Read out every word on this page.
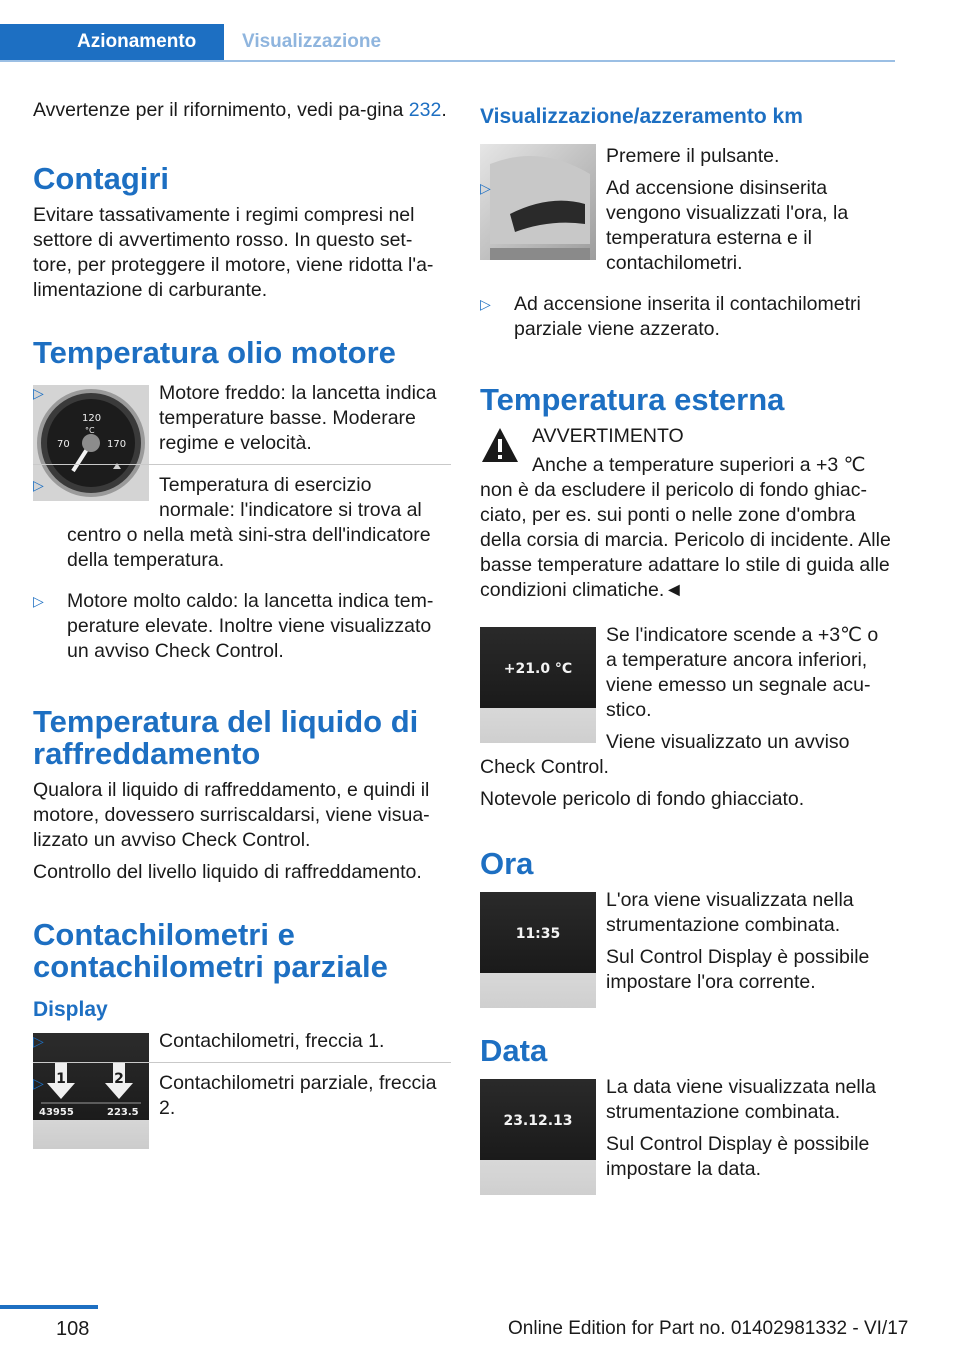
Azionamento	Visualizzazione

Avvertenze per il rifornimento, vedi pa-gina 232.

Contagiri

Evitare tassativamente i regimi compresi nel settore di avvertimento rosso. In questo set-tore, per proteggere il motore, viene ridotta l'a-limentazione di carburante.

Temperatura olio motore
70
120
°C
170
▷	Motore freddo: la lancetta indica temperature basse. Moderare regime e velocità.
▷	Temperatura di esercizio normale: l'indicatore si trova al centro o nella metà sini-stra dell'indicatore della temperatura.
▷ Motore molto caldo: la lancetta indica tem-perature elevate. Inoltre viene visualizzato un avviso Check Control.
Temperatura del liquido di raffreddamento

Qualora il liquido di raffreddamento, e quindi il motore, dovessero surriscaldarsi, viene visua-lizzato un avviso Check Control.

Controllo del livello liquido di raffreddamento.

Contachilometri e contachilometri parziale
Display
1	2
43955	223.5
▷	Contachilometri, freccia 1.
▷	Contachilometri parziale, freccia 2.
Visualizzazione/azzeramento km

Premere il pulsante.

▷	Ad accensione disinserita vengono visualizzati l'ora, la temperatura esterna e il contachilometri.
▷ Ad accensione inserita il contachilometri parziale viene azzerato.
Temperatura esterna

AVVERTIMENTO

Anche a temperature superiori a +3 ℃ non è da escludere il pericolo di fondo ghiac-ciato, per es. sui ponti o nelle zone d'ombra della corsia di marcia. Pericolo di incidente. Alle basse temperature adattare lo stile di guida alle condizioni climatiche.◄

+21.0 °C

Se l'indicatore scende a +3℃ o a temperature ancora inferiori, viene emesso un segnale acu-stico.

Viene visualizzato un avviso Check Control.

Notevole pericolo di fondo ghiacciato.

Ora
11:35

L'ora viene visualizzata nella strumentazione combinata.

Sul Control Display è possibile impostare l'ora corrente.

Data
23.12.13

La data viene visualizzata nella strumentazione combinata.

Sul Control Display è possibile impostare la data.

108	Online Edition for Part no. 01402981332 - VI/17
